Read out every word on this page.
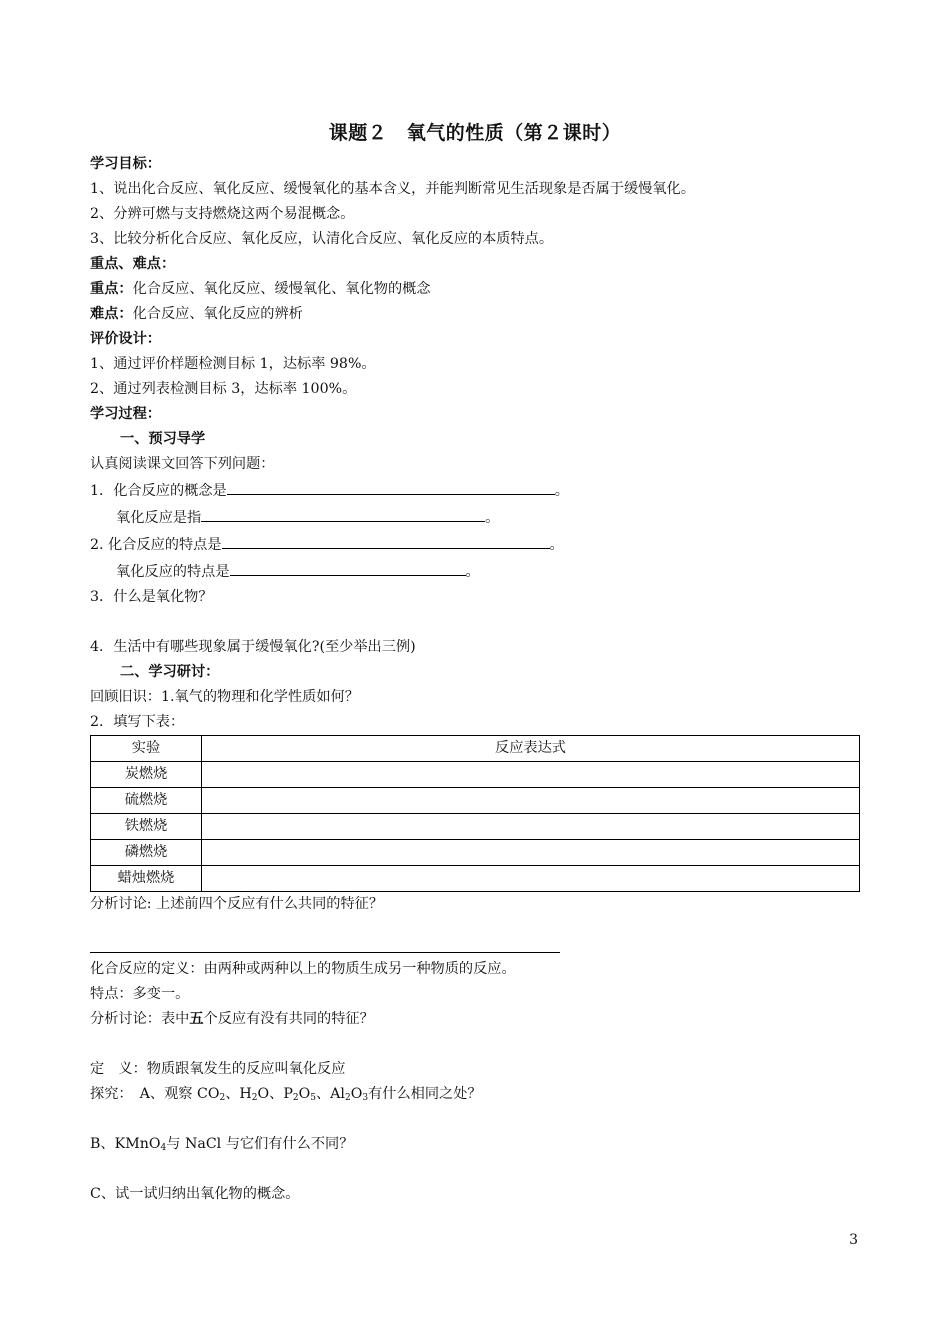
课题２　氧气的性质（第２课时）
学习目标：
1、说出化合反应、氧化反应、缓慢氧化的基本含义，并能判断常见生活现象是否属于缓慢氧化。
2、分辨可燃与支持燃烧这两个易混概念。
3、比较分析化合反应、氧化反应，认清化合反应、氧化反应的本质特点。
重点、难点：
重点：化合反应、氧化反应、缓慢氧化、氧化物的概念
难点：化合反应、氧化反应的辨析
评价设计：
1、通过评价样题检测目标 1，达标率 98%。
2、通过列表检测目标 3，达标率 100%。
学习过程：
一、预习导学
认真阅读课文回答下列问题：
1．化合反应的概念是	。
氧化反应是指	。
2. 化合反应的特点是	。
氧化反应的特点是	。
3．什么是氧化物？
4．生活中有哪些现象属于缓慢氧化?(至少举出三例)
二、学习研讨：
回顾旧识：1.氧气的物理和化学性质如何？
2．填写下表：
实验	反应表达式
炭燃烧	
硫燃烧	
铁燃烧	
磷燃烧	
蜡烛燃烧	
分析讨论: 上述前四个反应有什么共同的特征？
化合反应的定义：由两种或两种以上的物质生成另一种物质的反应。
特点：多变一。
分析讨论：表中五个反应有没有共同的特征？
定　义：物质跟氧发生的反应叫氧化反应
探究：　A、观察 $CO_2$、$H_2O$、$P_2O_5$、$Al_2O_3$有什么相同之处？
B、KMnO$_4$与 NaCl 与它们有什么不同？
C、试一试归纳出氧化物的概念。
3
